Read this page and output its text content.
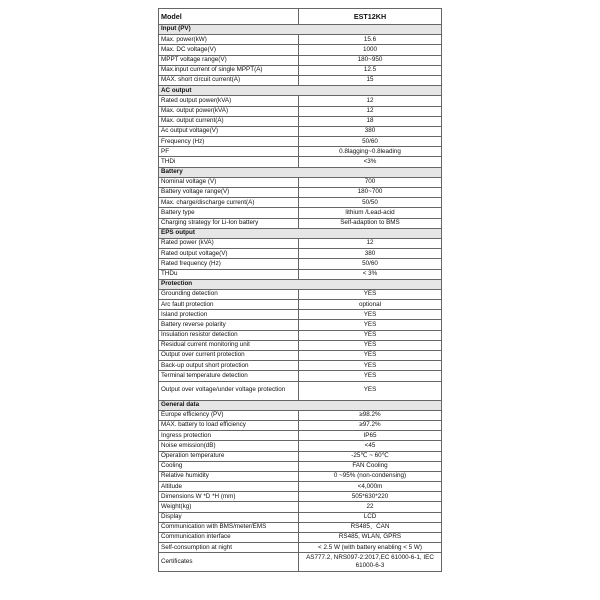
Model	EST12KH
Input (PV)	
Max. power(kW)	15.6
Max. DC voltage(V)	1000
MPPT voltage range(V)	180~950
Max.input current of single MPPT(A)	12.5
MAX. short circuit current(A)	15
AC output	
Rated output power(kVA)	12
Max. output power(kVA)	12
Max. output current(A)	18
Ac output voltage(V)	380
Frequency (Hz)	50/60
PF	0.8lagging~0.8leading
THDi	<3%
Battery	
Nominal voltage (V)	700
Battery voltage range(V)	180~700
Max. charge/discharge current(A)	50/50
Battery type	lithium /Lead-acid
Charging strategy for Li-Ion battery	Self-adaption to BMS
EPS output	
Rated power (kVA)	12
Rated output voltage(V)	380
Rated frequency (Hz)	50/60
THDu	< 3%
Protection	
Grounding detection	YES
Arc fault protection	optional
Island protection	YES
Battery reverse polarity	YES
Insulation resistor detection	YES
Residual current monitoring unit	YES
Output over current protection	YES
Back-up output short protection	YES
Terminal temperature detection	YES
Output over voltage/under voltage protection	YES
General data	
Europe efficiency (PV)	≥98.2%
MAX. battery to load efficiency	≥97.2%
Ingress protection	IP65
Noise emission(dB)	<45
Operation temperature	-25℃ ~ 60℃
Cooling	FAN Cooling
Relative humidity	0 ~95% (non-condensing)
Altitude	<4,000m
Dimensions W *D *H (mm)	505*630*220
Weight(kg)	22
Display	LCD
Communication with BMS/meter/EMS	RS485、CAN
Communication interface	RS485, WLAN, GPRS
Self-consumption at night	< 2.5 W (with battery enabling < 5 W)
Certificates	AS777.2, NRS097-2:2017,EC 61000-6-1, IEC 61000-6-3
